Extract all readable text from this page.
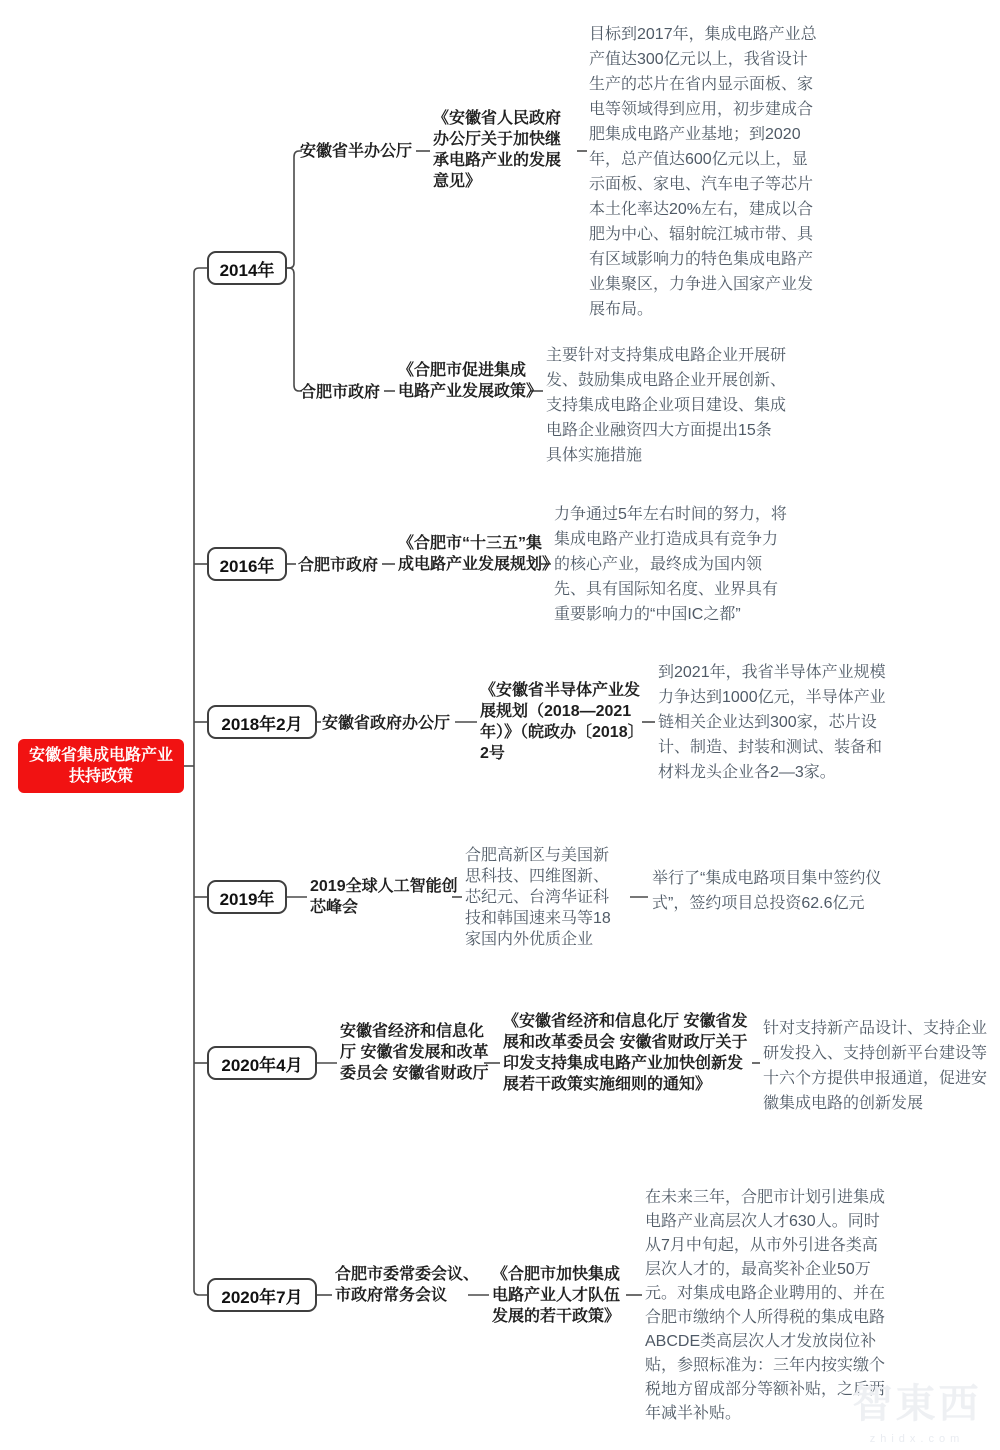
安徽省集成电路产业扶持政策
2014年
2016年
2018年2月
2019年
2020年4月
2020年7月
安徽省半办公厅
《安徽省人民政府办公厅关于加快继承电路产业的发展意见》
目标到2017年，集成电路产业总产值达300亿元以上，我省设计生产的芯片在省内显示面板、家电等领域得到应用，初步建成合肥集成电路产业基地；到2020年，总产值达600亿元以上，显示面板、家电、汽车电子等芯片本土化率达20%左右，建成以合肥为中心、辐射皖江城市带、具有区域影响力的特色集成电路产业集聚区，力争进入国家产业发展布局。
合肥市政府
《合肥市促进集成电路产业发展政策》
主要针对支持集成电路企业开展研发、鼓励集成电路企业开展创新、支持集成电路企业项目建设、集成电路企业融资四大方面提出15条具体实施措施
合肥市政府
《合肥市“十三五”集成电路产业发展规划》
力争通过5年左右时间的努力，将集成电路产业打造成具有竞争力的核心产业，最终成为国内领先、具有国际知名度、业界具有重要影响力的“中国IC之都”
安徽省政府办公厅
《安徽省半导体产业发展规划（2018—2021年）》（皖政办〔2018〕2号
到2021年，我省半导体产业规模力争达到1000亿元，半导体产业链相关企业达到300家，芯片设计、制造、封装和测试、装备和材料龙头企业各2—3家。
2019全球人工智能创芯峰会
合肥高新区与美国新思科技、四维图新、芯纪元、台湾华证科技和韩国速来马等18家国内外优质企业
举行了“集成电路项目集中签约仪式”，签约项目总投资62.6亿元
安徽省经济和信息化厅 安徽省发展和改革委员会 安徽省财政厅
《安徽省经济和信息化厅 安徽省发展和改革委员会 安徽省财政厅关于印发支持集成电路产业加快创新发展若干政策实施细则的通知》
针对支持新产品设计、支持企业研发投入、支持创新平台建设等十六个方提供申报通道，促进安徽集成电路的创新发展
合肥市委常委会议、市政府常务会议
《合肥市加快集成电路产业人才队伍发展的若干政策》
在未来三年，合肥市计划引进集成电路产业高层次人才630人。同时从7月中旬起，从市外引进各类高层次人才的，最高奖补企业50万元。对集成电路企业聘用的、并在合肥市缴纳个人所得税的集成电路ABCDE类高层次人才发放岗位补贴，参照标准为：三年内按实缴个税地方留成部分等额补贴，之后两年减半补贴。	智東西
zhidx.com
